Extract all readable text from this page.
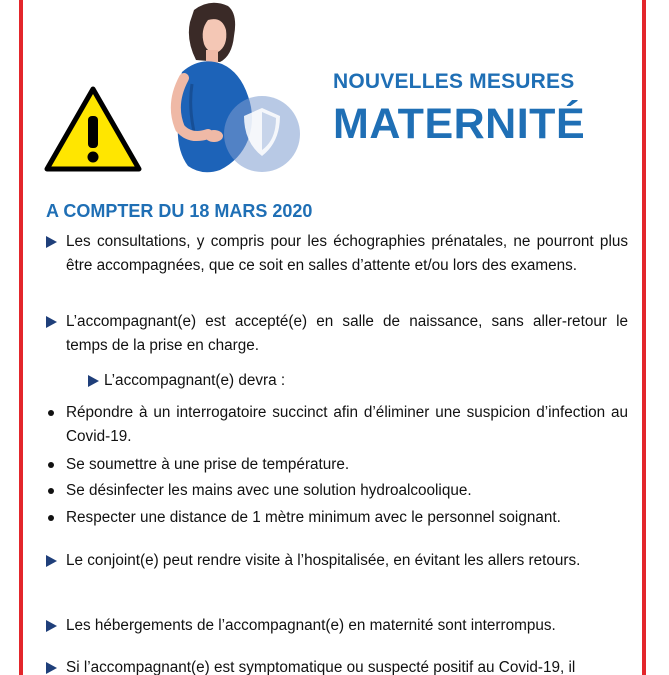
NOUVELLES MESURES
MATERNITÉ
A COMPTER DU 18 MARS 2020
Les consultations, y compris pour les échographies prénatales, ne pourront plus être accompagnées, que ce soit en salles d’attente et/ou lors des examens.
L’accompagnant(e) est accepté(e) en salle de naissance, sans aller-retour le temps de la prise en charge.
L’accompagnant(e) devra :
Répondre à un interrogatoire succinct afin d’éliminer une suspicion d’infection au Covid-19.
Se soumettre à une prise de température.
Se désinfecter les mains avec une solution hydroalcoolique.
Respecter une distance de 1 mètre minimum avec le personnel soignant.
Le conjoint(e) peut rendre visite à l’hospitalisée, en évitant les allers retours.
Les hébergements de l’accompagnant(e) en maternité sont interrompus.
Si l’accompagnant(e) est symptomatique ou suspecté positif au Covid-19, il
